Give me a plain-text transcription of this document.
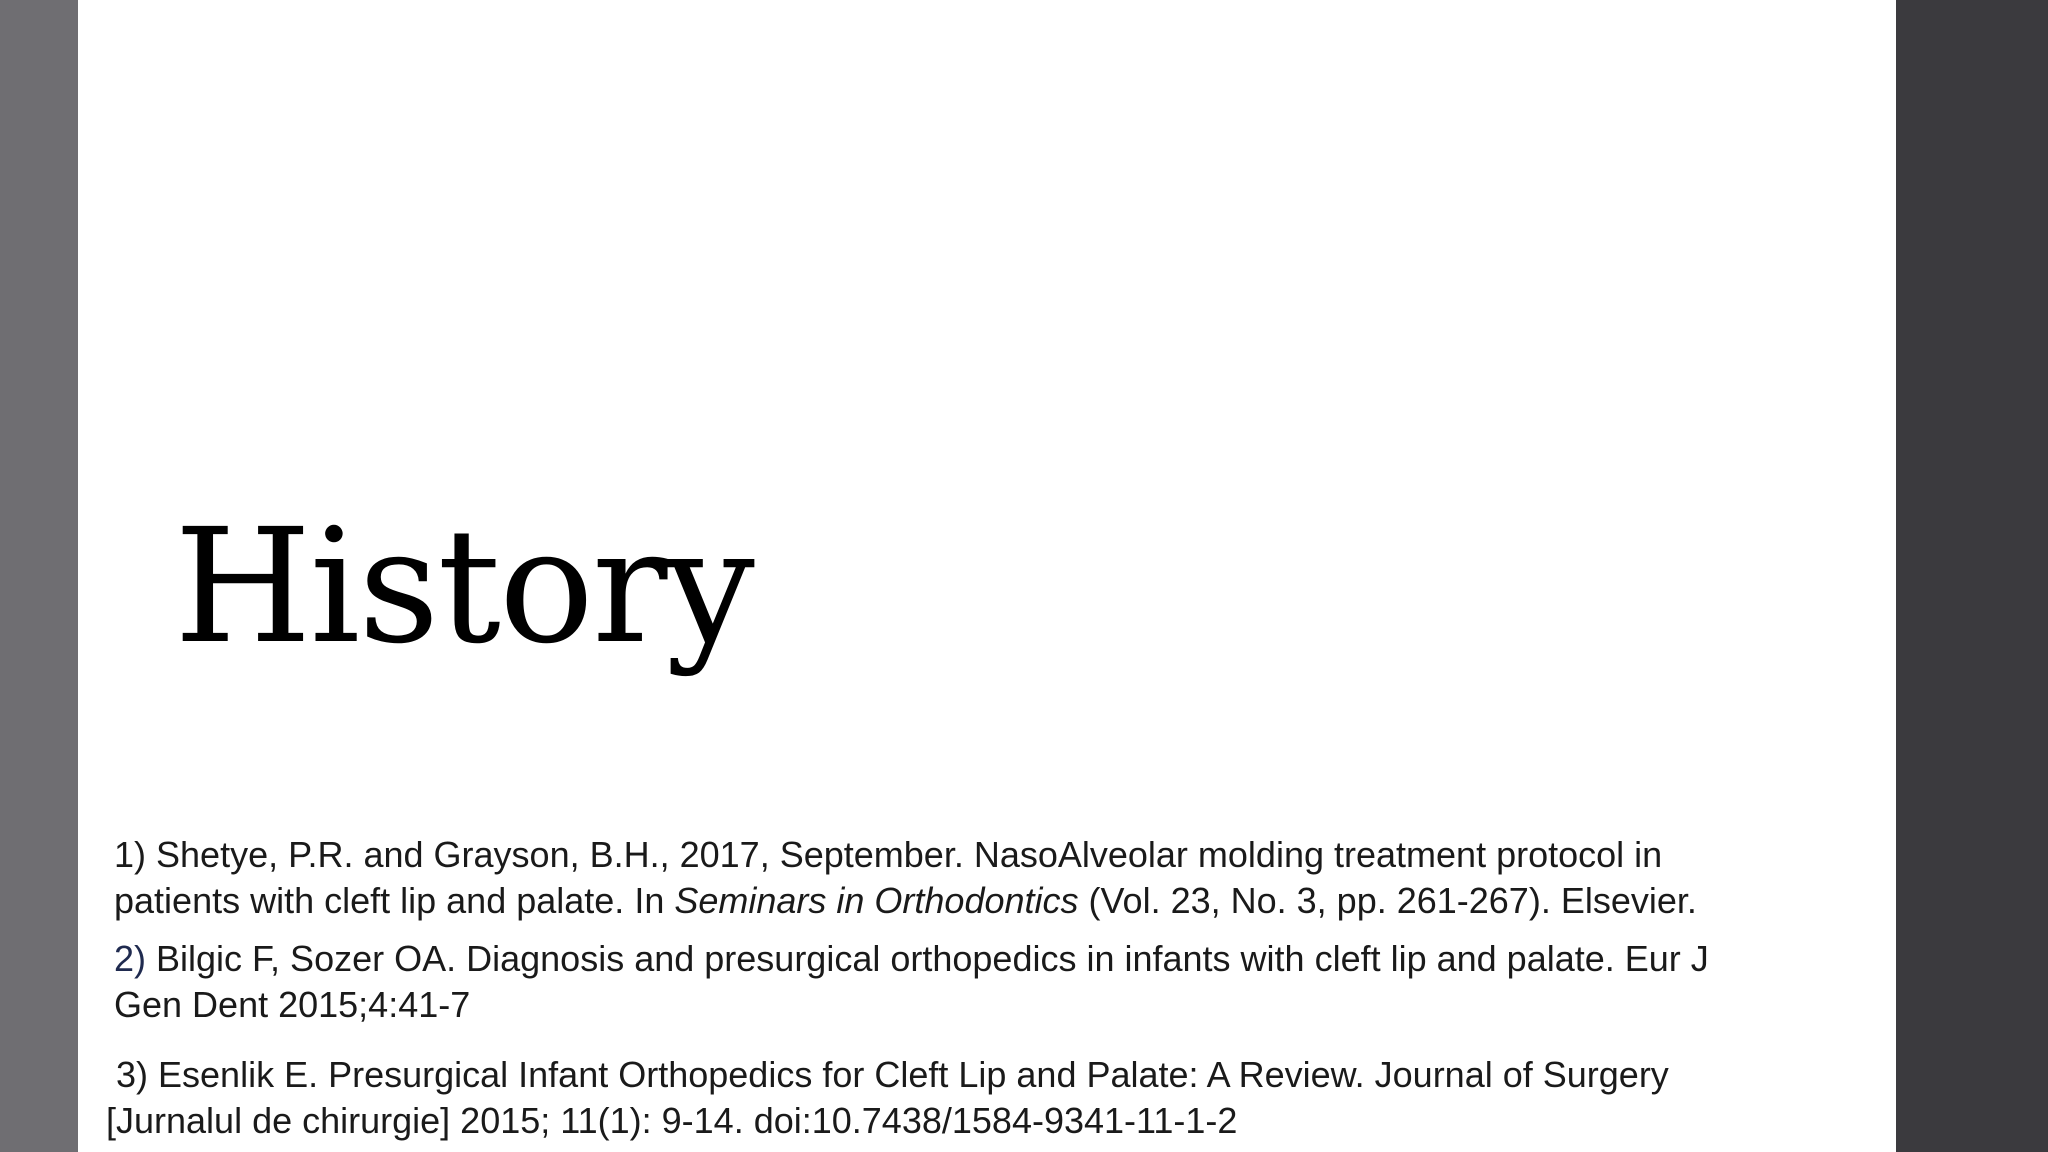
History

1) Shetye, P.R. and Grayson, B.H., 2017, September. NasoAlveolar molding treatment protocol in
patients with cleft lip and palate. In Seminars in Orthodontics (Vol. 23, No. 3, pp. 261-267). Elsevier.

2) Bilgic F, Sozer OA. Diagnosis and presurgical orthopedics in infants with cleft lip and palate. Eur J
Gen Dent 2015;4:41-7

3) Esenlik E. Presurgical Infant Orthopedics for Cleft Lip and Palate: A Review. Journal of Surgery
[Jurnalul de chirurgie] 2015; 11(1): 9-14. doi:10.7438/1584-9341-11-1-2
